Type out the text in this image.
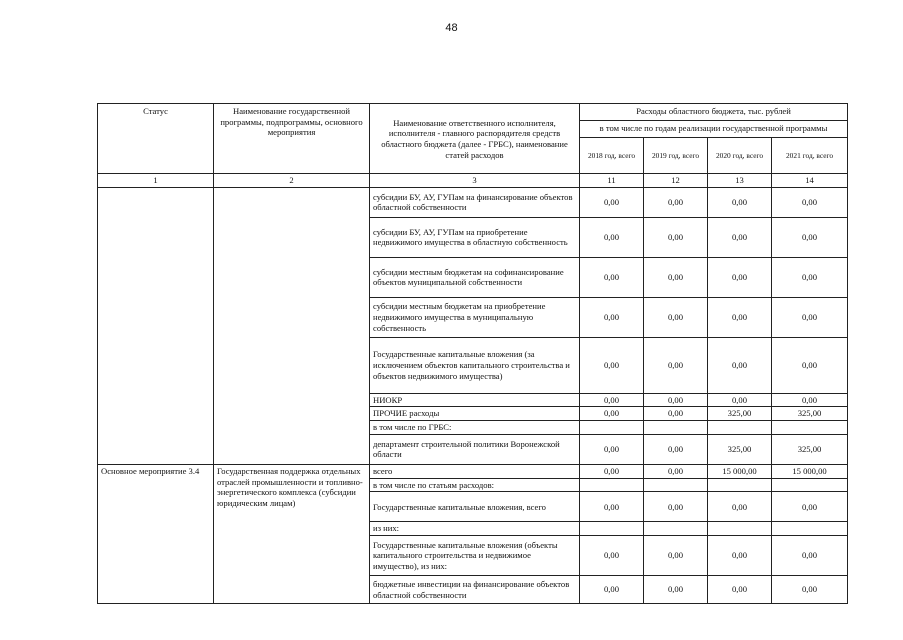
48
Статус	Наименование государственной программы, подпрограммы, основного мероприятия	Наименование ответственного исполнителя, исполнителя - главного распорядителя средств областного бюджета (далее - ГРБС), наименование статей расходов	Расходы областного бюджета, тыс. рублей			
			в том числе по годам реализации государственной программы			
			2018 год, всего	2019 год, всего	2020 год, всего	2021 год, всего
1	2	3	11	12	13	14
		субсидии БУ, АУ, ГУПам на финансирование объектов областной собственности	0,00	0,00	0,00	0,00
		субсидии БУ, АУ, ГУПам на приобретение недвижимого имущества в областную собственность	0,00	0,00	0,00	0,00
		субсидии местным бюджетам на софинансирование объектов муниципальной собственности	0,00	0,00	0,00	0,00
		субсидии местным бюджетам на приобретение недвижимого имущества в муниципальную собственность	0,00	0,00	0,00	0,00
		Государственные капитальные вложения (за исключением объектов капитального строительства и объектов недвижимого имущества)	0,00	0,00	0,00	0,00
		НИОКР	0,00	0,00	0,00	0,00
		ПРОЧИЕ расходы	0,00	0,00	325,00	325,00
		в том числе по ГРБС:				
		департамент строительной политики Воронежской области	0,00	0,00	325,00	325,00
Основное мероприятие 3.4	Государственная поддержка отдельных отраслей промышленности и топливно-энергетического комплекса (субсидии юридическим лицам)	всего	0,00	0,00	15 000,00	15 000,00
		в том числе по статьям расходов:				
		Государственные капитальные вложения, всего	0,00	0,00	0,00	0,00
		из них:				
		Государственные капитальные вложения (объекты капитального строительства и недвижимое имущество), из них:	0,00	0,00	0,00	0,00
		бюджетные инвестиции на финансирование объектов областной собственности	0,00	0,00	0,00	0,00
